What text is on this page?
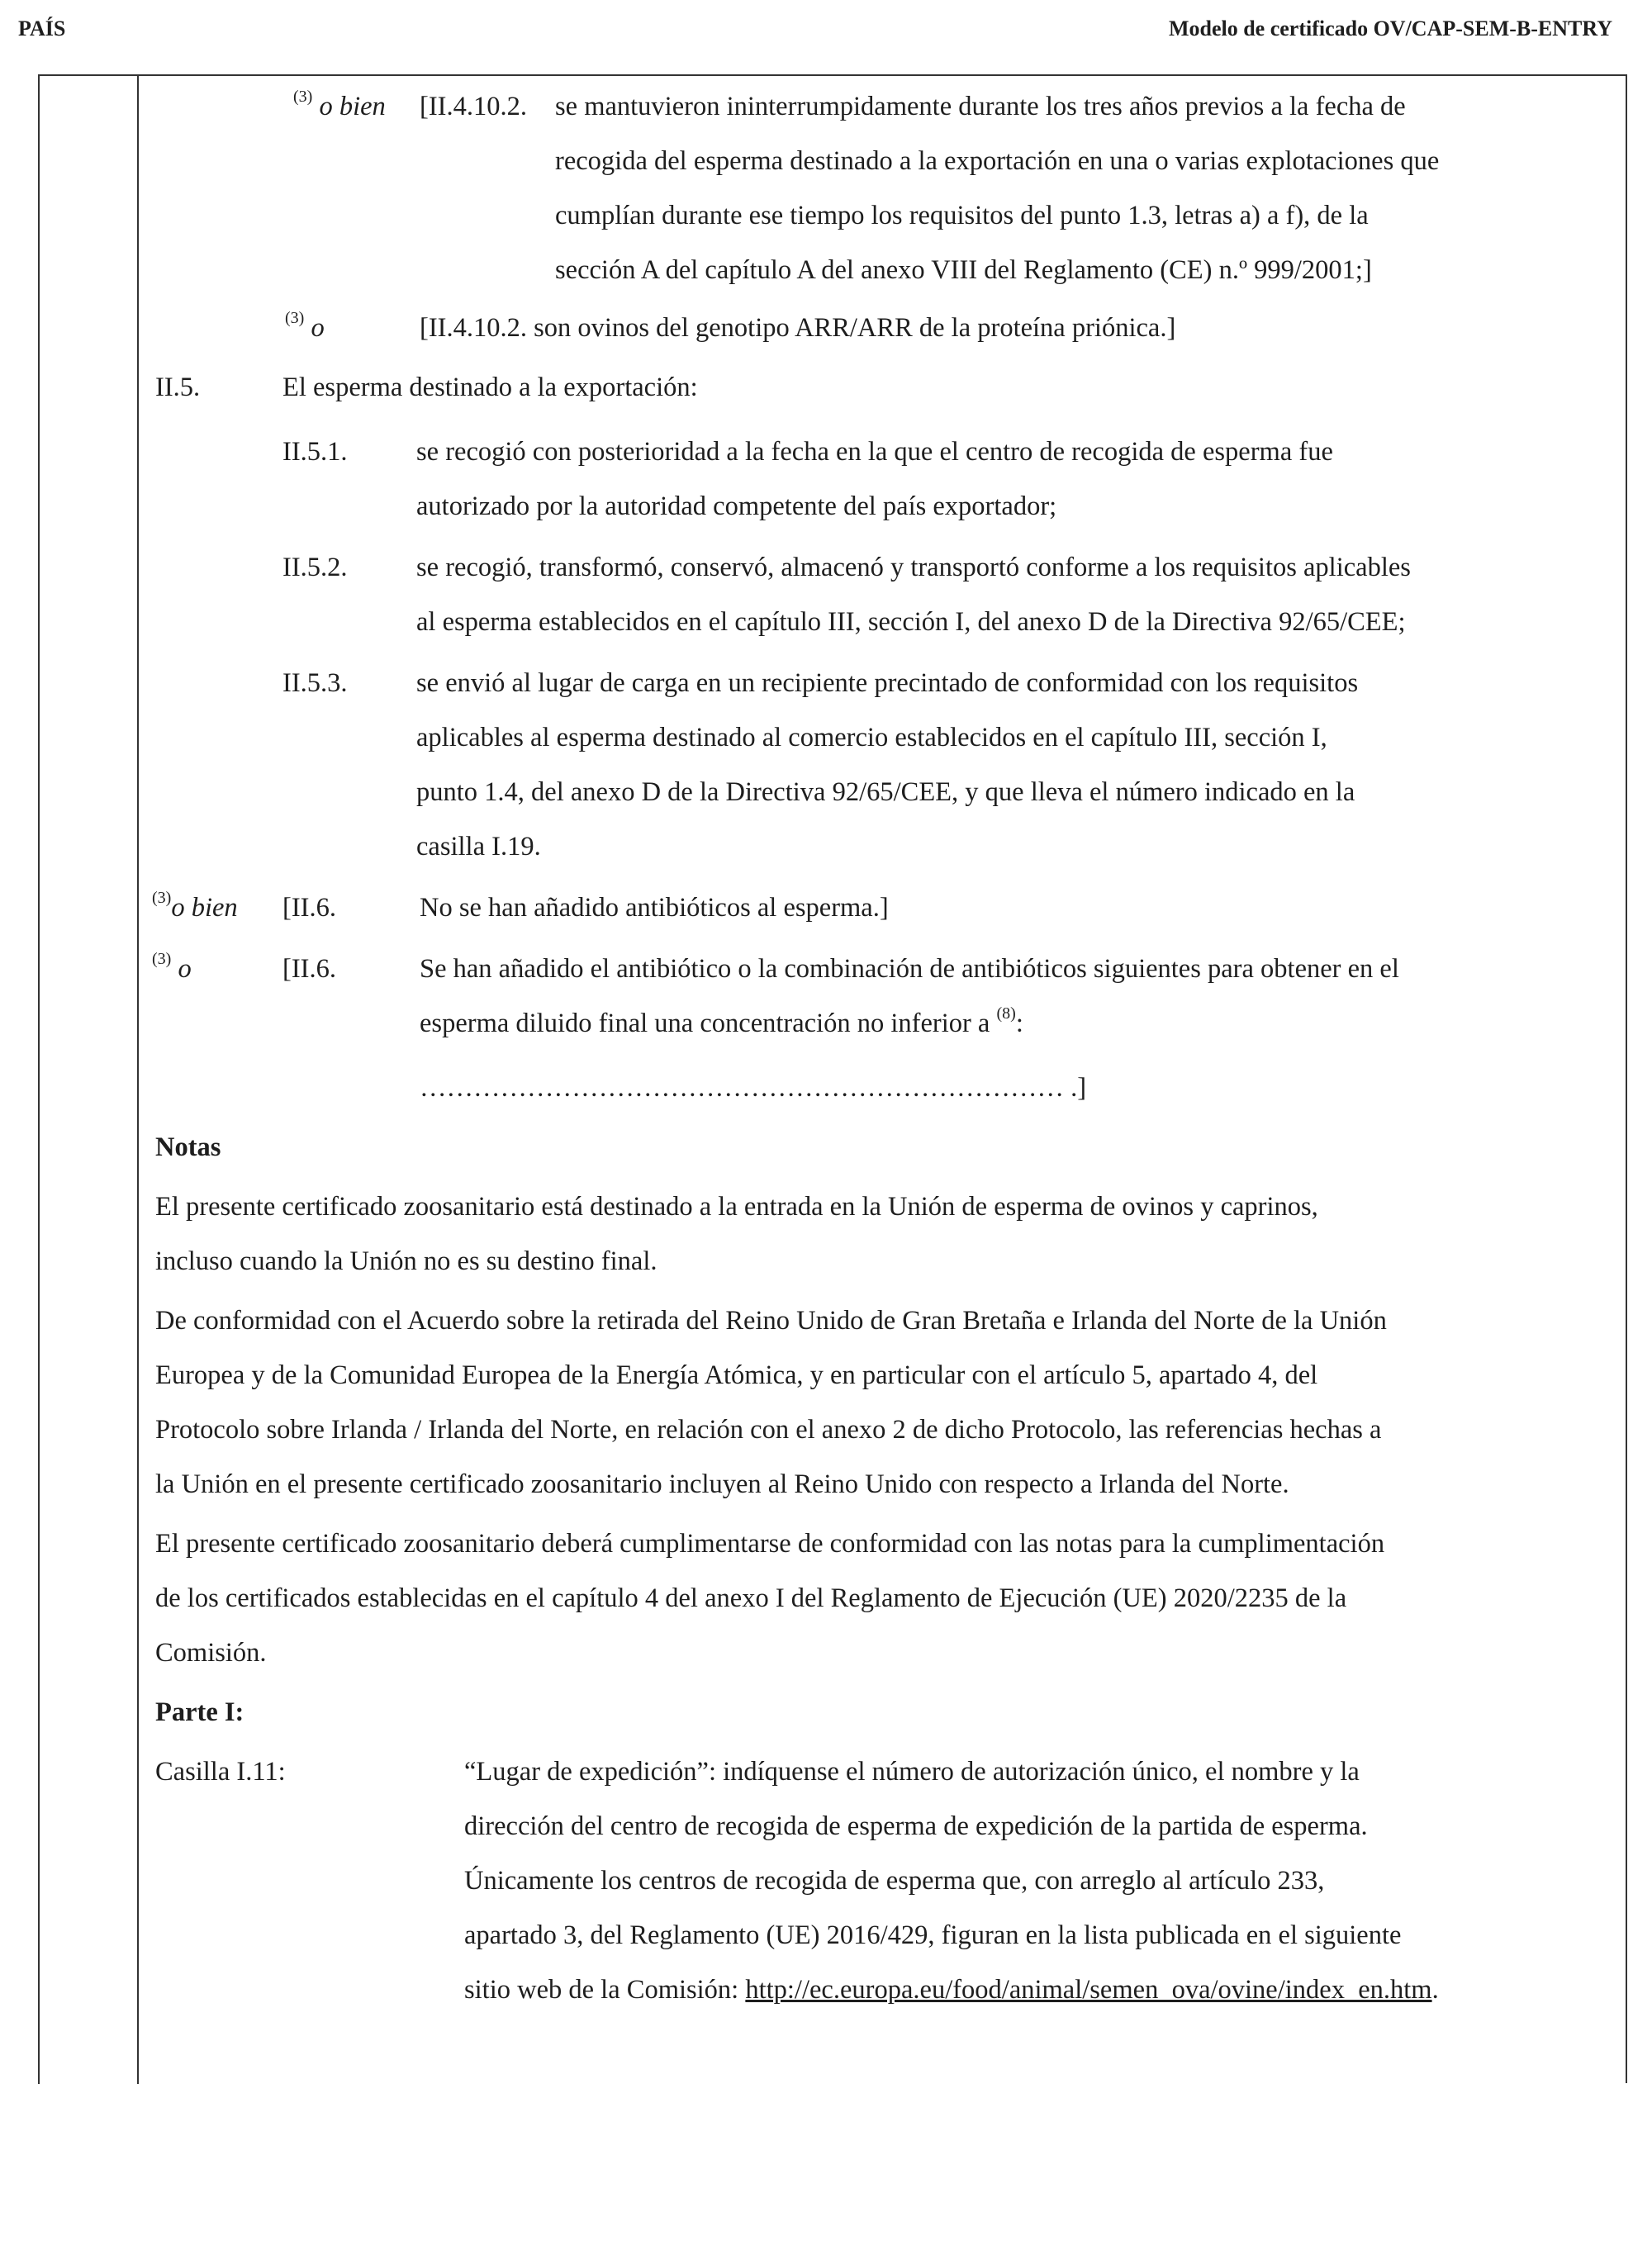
PAÍS	Modelo de certificado OV/CAP-SEM-B-ENTRY
$^{(3)}$ o bien [II.4.10.2. se mantuvieron ininterrumpidamente durante los tres años previos a la fecha de
recogida del esperma destinado a la exportación en una o varias explotaciones que
cumplían durante ese tiempo los requisitos del punto 1.3, letras a) a f), de la
sección A del capítulo A del anexo VIII del Reglamento (CE) n.º 999/2001;]
$^{(3)}$ o	[II.4.10.2. son ovinos del genotipo ARR/ARR de la proteína priónica.]
II.5.	El esperma destinado a la exportación:
II.5.1.	se recogió con posterioridad a la fecha en la que el centro de recogida de esperma fue
autorizado por la autoridad competente del país exportador;
II.5.2.	se recogió, transformó, conservó, almacenó y transportó conforme a los requisitos aplicables
al esperma establecidos en el capítulo III, sección I, del anexo D de la Directiva 92/65/CEE;
II.5.3.	se envió al lugar de carga en un recipiente precintado de conformidad con los requisitos
aplicables al esperma destinado al comercio establecidos en el capítulo III, sección I,
punto 1.4, del anexo D de la Directiva 92/65/CEE, y que lleva el número indicado en la
casilla I.19.
$^{(3)}$o bien [II.6.	No se han añadido antibióticos al esperma.]
$^{(3)}$ o	[II.6.	Se han añadido el antibiótico o la combinación de antibióticos siguientes para obtener en el
esperma diluido final una concentración no inferior a $^{(8)}$:
……………………………………………………………… .]
Notas
El presente certificado zoosanitario está destinado a la entrada en la Unión de esperma de ovinos y caprinos,
incluso cuando la Unión no es su destino final.
De conformidad con el Acuerdo sobre la retirada del Reino Unido de Gran Bretaña e Irlanda del Norte de la Unión
Europea y de la Comunidad Europea de la Energía Atómica, y en particular con el artículo 5, apartado 4, del
Protocolo sobre Irlanda / Irlanda del Norte, en relación con el anexo 2 de dicho Protocolo, las referencias hechas a
la Unión en el presente certificado zoosanitario incluyen al Reino Unido con respecto a Irlanda del Norte.
El presente certificado zoosanitario deberá cumplimentarse de conformidad con las notas para la cumplimentación
de los certificados establecidas en el capítulo 4 del anexo I del Reglamento de Ejecución (UE) 2020/2235 de la
Comisión.
Parte I:
Casilla I.11:	“Lugar de expedición”: indíquense el número de autorización único, el nombre y la
dirección del centro de recogida de esperma de expedición de la partida de esperma.
Únicamente los centros de recogida de esperma que, con arreglo al artículo 233,
apartado 3, del Reglamento (UE) 2016/429, figuran en la lista publicada en el siguiente
sitio web de la Comisión: http://ec.europa.eu/food/animal/semen_ova/ovine/index_en.htm.
